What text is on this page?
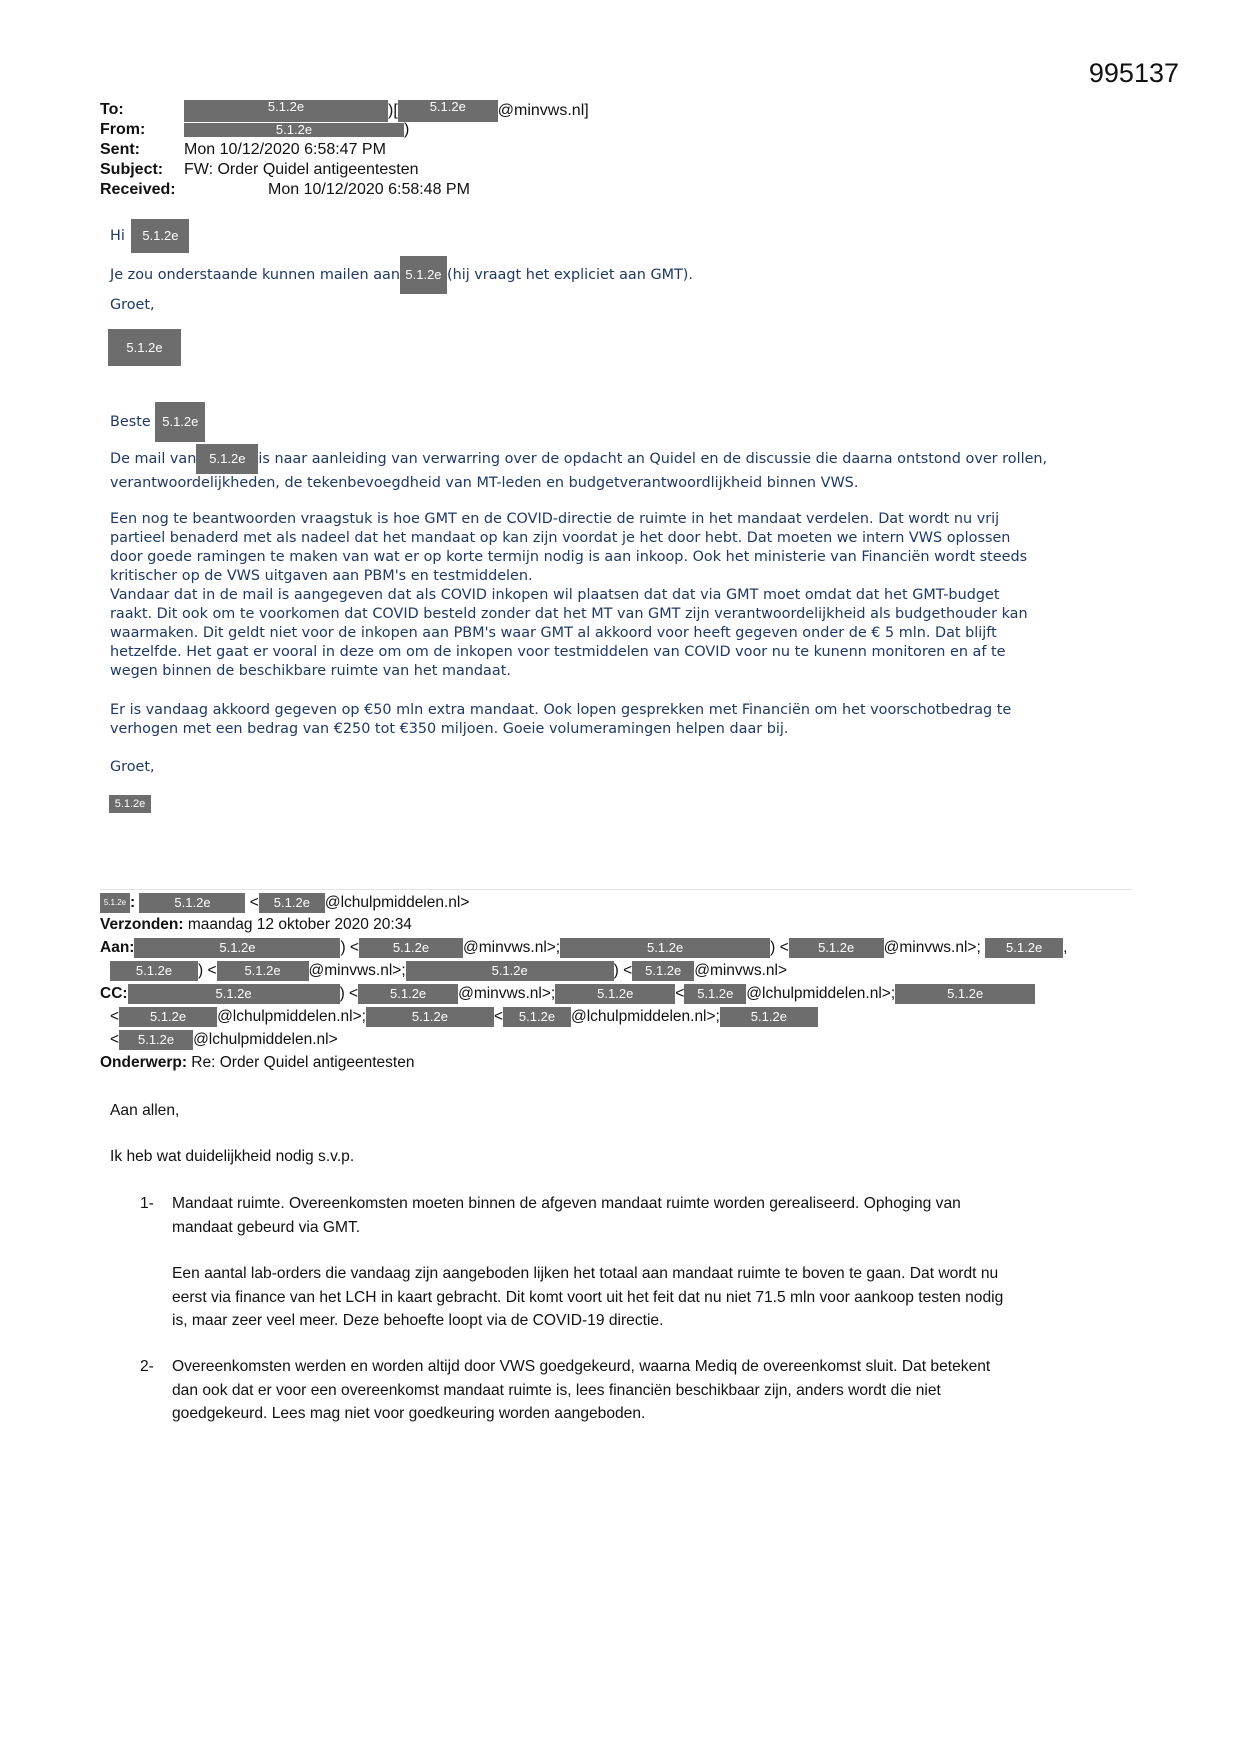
995137
To:	5.1.2e	)[ 5.1.2e @minvws.nl]
From:	5.1.2e	)
Sent:	Mon 10/12/2020 6:58:47 PM
Subject: FW: Order Quidel antigeentesten
Received:	Mon 10/12/2020 6:58:48 PM
Hi 5.1.2e
Je zou onderstaande kunnen mailen aan 5.1.2e (hij vraagt het expliciet aan GMT).
Groet,
5.1.2e
Beste 5.1.2e

De mail van 5.1.2e is naar aanleiding van verwarring over de opdacht an Quidel en de discussie die daarna ontstond over rollen,

verantwoordelijkheden, de tekenbevoegdheid van MT-leden en budgetverantwoordlijkheid binnen VWS.

Een nog te beantwoorden vraagstuk is hoe GMT en de COVID-directie de ruimte in het mandaat verdelen. Dat wordt nu vrij

partieel benaderd met als nadeel dat het mandaat op kan zijn voordat je het door hebt. Dat moeten we intern VWS oplossen

door goede ramingen te maken van wat er op korte termijn nodig is aan inkoop. Ook het ministerie van Financiën wordt steeds

kritischer op de VWS uitgaven aan PBM's en testmiddelen.

Vandaar dat in de mail is aangegeven dat als COVID inkopen wil plaatsen dat dat via GMT moet omdat dat het GMT-budget

raakt. Dit ook om te voorkomen dat COVID besteld zonder dat het MT van GMT zijn verantwoordelijkheid als budgethouder kan

waarmaken. Dit geldt niet voor de inkopen aan PBM's waar GMT al akkoord voor heeft gegeven onder de € 5 mln. Dat blijft

hetzelfde. Het gaat er vooral in deze om om de inkopen voor testmiddelen van COVID voor nu te kunenn monitoren en af te

wegen binnen de beschikbare ruimte van het mandaat.

Er is vandaag akkoord gegeven op €50 mln extra mandaat. Ook lopen gesprekken met Financiën om het voorschotbedrag te

verhogen met een bedrag van €250 tot €350 miljoen. Goeie volumeramingen helpen daar bij.

Groet,
5.1.2e
5.1.2e :	5.1.2e	< 5.1.2e @lchulpmiddelen.nl>
Verzonden: maandag 12 oktober 2020 20:34
Aan:	5.1.2e	) <	5.1.2e @minvws.nl>;	5.1.2e	) < 5.1.2e @minvws.nl>; 5.1.2e ,
5.1.2e ) < 5.1.2e @minvws.nl>;	5.1.2e	) < 5.1.2e @minvws.nl>
CC:	5.1.2e	) < 5.1.2e @minvws.nl>;	5.1.2e	< 5.1.2e @lchulpmiddelen.nl>;	5.1.2e
< 5.1.2e @lchulpmiddelen.nl>;	5.1.2e	< 5.1.2e @lchulpmiddelen.nl>; 5.1.2e
< 5.1.2e @lchulpmiddelen.nl>
Onderwerp: Re: Order Quidel antigeentesten
Aan allen,
Ik heb wat duidelijkheid nodig s.v.p.
1- Mandaat ruimte. Overeenkomsten moeten binnen de afgeven mandaat ruimte worden gerealiseerd. Ophoging van
mandaat gebeurd via GMT.
Een aantal lab-orders die vandaag zijn aangeboden lijken het totaal aan mandaat ruimte te boven te gaan. Dat wordt nu
eerst via finance van het LCH in kaart gebracht. Dit komt voort uit het feit dat nu niet 71.5 mln voor aankoop testen nodig
is, maar zeer veel meer. Deze behoefte loopt via de COVID-19 directie.
2- Overeenkomsten werden en worden altijd door VWS goedgekeurd, waarna Mediq de overeenkomst sluit. Dat betekent
dan ook dat er voor een overeenkomst mandaat ruimte is, lees financiën beschikbaar zijn, anders wordt die niet
goedgekeurd. Lees mag niet voor goedkeuring worden aangeboden.
